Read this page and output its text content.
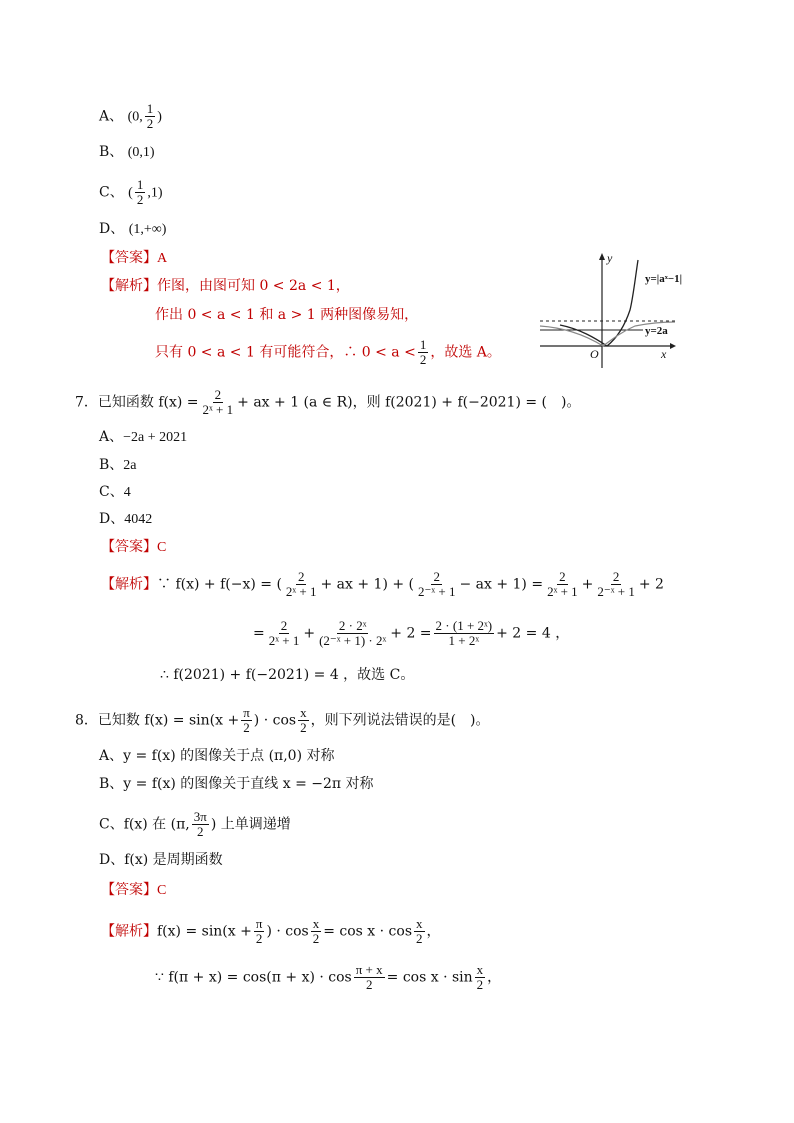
A、 (0, $\frac{1}{2}$ )
B、 (0,1)
C、 ( $\frac{1}{2} ,1$)
D、 (1,+∞)
【答案】A
【解析】作图，由图可知 0 < 2a < 1，
作出 0 < a < 1 和 a > 1 两种图像易知，
只有 0 < a < 1 有可能符合，∴ $0 < a < \frac{1}{2}$ ，故选 A。
y
x
O
y=|aˣ−1|
y=2a
7．已知函数 $f(x) = \frac{2}{\text{2ˣ + 1}}$ + ax + 1 (a ∈ R)，则 f(2021) + f(−2021) = (　)。
A、−2a + 2021
B、2a
C、4
D、4042
【答案】C
【解析】∵ f(x) + f(−x) = ( $\frac{2}{\text{2ˣ + 1}}$ + ax + 1) + ( $\frac{2}{\text{2⁻ˣ + 1}}$ − ax + $1) = \frac{2}{\text{2ˣ + 1}} + \frac{2}{\text{2⁻ˣ + 1}} + 2$
= $\frac{2}{\text{2ˣ + 1}} + \frac{\text{2 · 2ˣ}}{\text{(2⁻ˣ + 1) · 2ˣ}} + 2 = \frac{\text{2 · (1 + 2ˣ)}}{\text{1 + 2ˣ}} + 2 = 4$ ，
∴ f(2021) + f(−2021) = 4 ，故选 C。
8．已知数 $f(x) = \sin(x + \frac{\pi}{2}$ ) · $\cos \frac{x}{2}$ ，则下列说法错误的是(　)。
A、y = f(x) 的图像关于点 (π,0) 对称
B、y = f(x) 的图像关于直线 x = −2π 对称
C、f(x) 在 (π, $\frac{3\pi}{2}$ ) 上单调递增
D、f(x) 是周期函数
【答案】C
【解析】$f(x) = \sin(x + \frac{\pi}{2}$ ) · $\cos \frac{x}{2} = \cos x \cdot \cos \frac{x}{2}$ ，
∵ $f(\pi + x) = \cos(\pi + x) \cdot \cos \frac{\pi + x}{2} = \cos x \cdot \sin \frac{x}{2}$ ，
